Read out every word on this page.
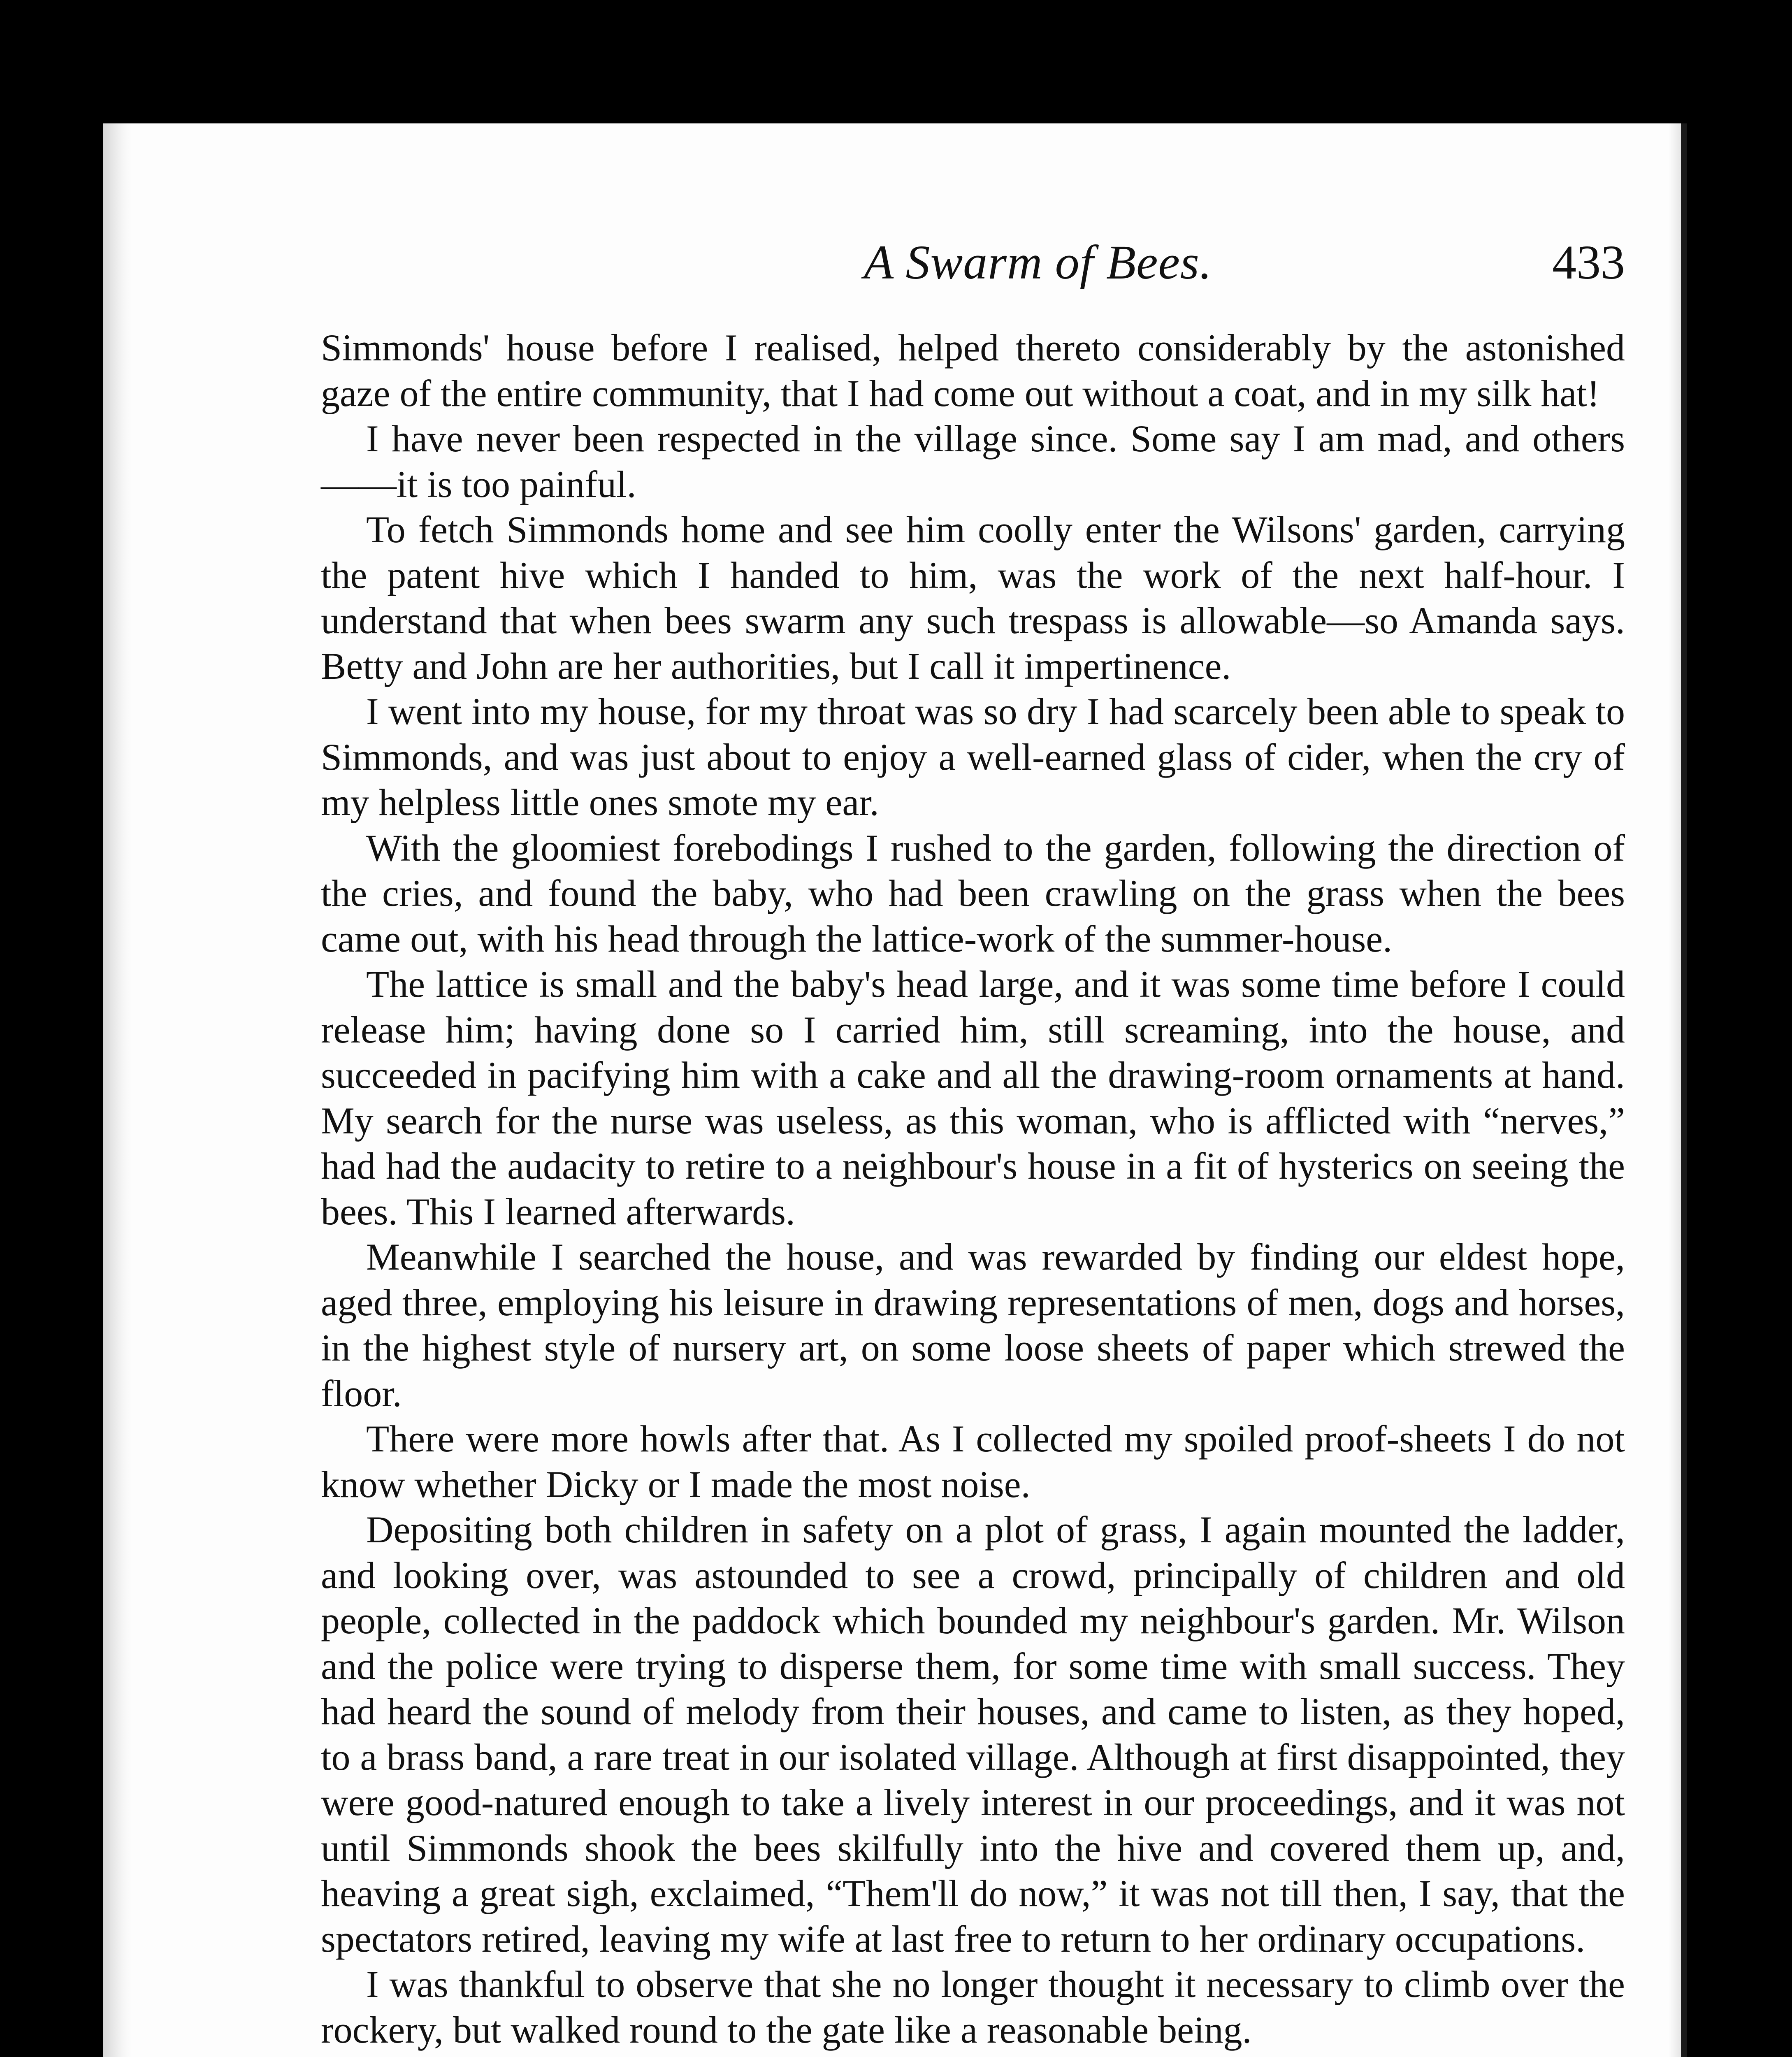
A Swarm of Bees.	433

Simmonds' house before I realised, helped thereto considerably by the astonished gaze of the entire community, that I had come out without a coat, and in my silk hat!

I have never been respected in the village since. Some say I am mad, and others——it is too painful.

To fetch Simmonds home and see him coolly enter the Wilsons' garden, carrying the patent hive which I handed to him, was the work of the next half-hour. I understand that when bees swarm any such trespass is allowable—so Amanda says. Betty and John are her authorities, but I call it impertinence.

I went into my house, for my throat was so dry I had scarcely been able to speak to Simmonds, and was just about to enjoy a well-earned glass of cider, when the cry of my helpless little ones smote my ear.

With the gloomiest forebodings I rushed to the garden, following the direction of the cries, and found the baby, who had been crawling on the grass when the bees came out, with his head through the lattice-work of the summer-house.

The lattice is small and the baby's head large, and it was some time before I could release him; having done so I carried him, still screaming, into the house, and succeeded in pacifying him with a cake and all the drawing-room ornaments at hand. My search for the nurse was useless, as this woman, who is afflicted with “nerves,” had had the audacity to retire to a neighbour's house in a fit of hysterics on seeing the bees. This I learned afterwards.

Meanwhile I searched the house, and was rewarded by finding our eldest hope, aged three, employing his leisure in drawing representations of men, dogs and horses, in the highest style of nursery art, on some loose sheets of paper which strewed the floor.

There were more howls after that. As I collected my spoiled proof-sheets I do not know whether Dicky or I made the most noise.

Depositing both children in safety on a plot of grass, I again mounted the ladder, and looking over, was astounded to see a crowd, principally of children and old people, collected in the paddock which bounded my neighbour's garden. Mr. Wilson and the police were trying to disperse them, for some time with small success. They had heard the sound of melody from their houses, and came to listen, as they hoped, to a brass band, a rare treat in our isolated village. Although at first disappointed, they were good-natured enough to take a lively interest in our proceedings, and it was not until Simmonds shook the bees skilfully into the hive and covered them up, and, heaving a great sigh, exclaimed, “Them'll do now,” it was not till then, I say, that the spectators retired, leaving my wife at last free to return to her ordinary occupations.

I was thankful to observe that she no longer thought it necessary to climb over the rockery, but walked round to the gate like a reasonable being.
